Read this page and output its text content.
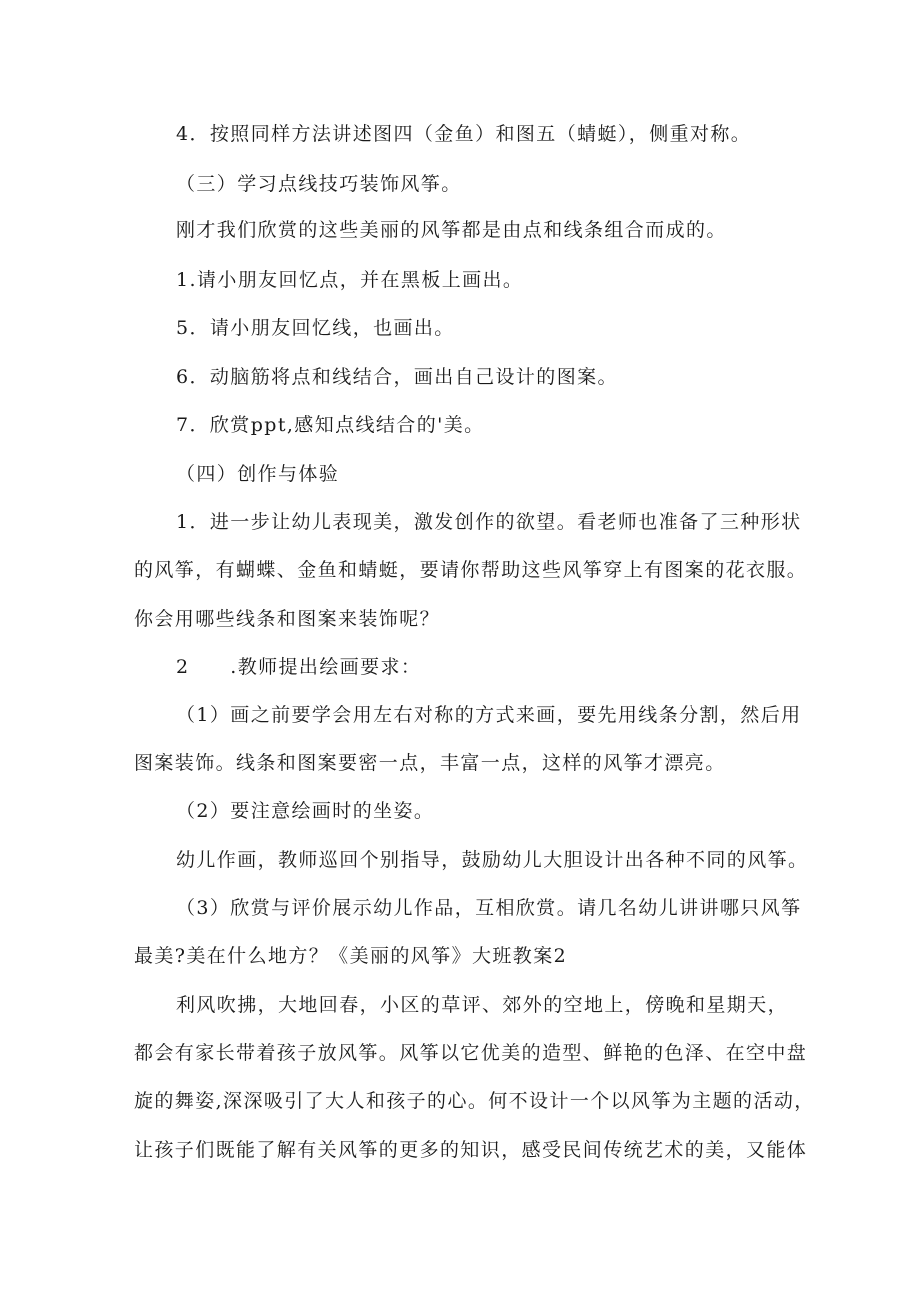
4．按照同样方法讲述图四（金鱼）和图五（蜻蜓），侧重对称。
（三）学习点线技巧装饰风筝。
刚才我们欣赏的这些美丽的风筝都是由点和线条组合而成的。
1.请小朋友回忆点，并在黑板上画出。
5．请小朋友回忆线，也画出。
6．动脑筋将点和线结合，画出自己设计的图案。
7．欣赏ppt,感知点线结合的'美。
（四）创作与体验
1．进一步让幼儿表现美，激发创作的欲望。看老师也准备了三种形状
的风筝，有蝴蝶、金鱼和蜻蜓，要请你帮助这些风筝穿上有图案的花衣服。
你会用哪些线条和图案来装饰呢？
2　　.教师提出绘画要求：
（1）画之前要学会用左右对称的方式来画，要先用线条分割，然后用
图案装饰。线条和图案要密一点，丰富一点，这样的风筝才漂亮。
（2）要注意绘画时的坐姿。
幼儿作画，教师巡回个别指导，鼓励幼儿大胆设计出各种不同的风筝。
（3）欣赏与评价展示幼儿作品，互相欣赏。请几名幼儿讲讲哪只风筝
最美?美在什么地方？《美丽的风筝》大班教案2
利风吹拂，大地回春，小区的草评、郊外的空地上，傍晚和星期天，
都会有家长带着孩子放风筝。风筝以它优美的造型、鲜艳的色泽、在空中盘
旋的舞姿,深深吸引了大人和孩子的心。何不设计一个以风筝为主题的活动，
让孩子们既能了解有关风筝的更多的知识，感受民间传统艺术的美，又能体
